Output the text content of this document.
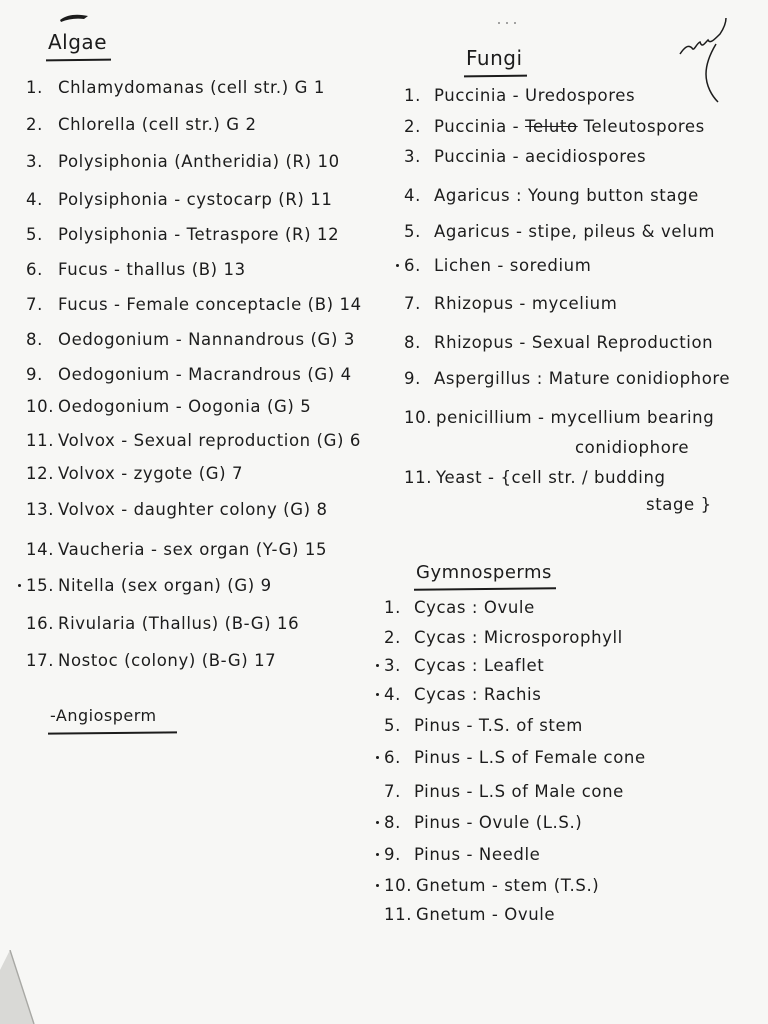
Algae
1. Chlamydomanas (cell str.) G 1
2. Chlorella (cell str.) G 2
3. Polysiphonia (Antheridia) (R) 10
4. Polysiphonia - cystocarp (R) 11
5. Polysiphonia - Tetraspore (R) 12
6. Fucus - thallus (B) 13
7. Fucus - Female conceptacle (B) 14
8. Oedogonium - Nannandrous (G) 3
9. Oedogonium - Macrandrous (G) 4
10. Oedogonium - Oogonia (G) 5
11. Volvox - Sexual reproduction (G) 6
12. Volvox - zygote (G) 7
13. Volvox - daughter colony (G) 8
14. Vaucheria - sex organ (Y-G) 15
15. Nitella (sex organ) (G) 9
16. Rivularia (Thallus) (B-G) 16
17. Nostoc (colony) (B-G) 17
-Angiosperm
Fungi
1. Puccinia - Uredospores
2. Puccinia - Teluto Teleutospores
3. Puccinia - aecidiospores
4. Agaricus : Young button stage
5. Agaricus - stipe, pileus & velum
6. Lichen - soredium
7. Rhizopus - mycelium
8. Rhizopus - Sexual Reproduction
9. Aspergillus : Mature conidiophore
10. penicillium - mycellium bearing
conidiophore
11. Yeast - {cell str. / budding
stage }
Gymnosperms
1. Cycas : Ovule
2. Cycas : Microsporophyll
3. Cycas : Leaflet
4. Cycas : Rachis
5. Pinus - T.S. of stem
6. Pinus - L.S of Female cone
7. Pinus - L.S of Male cone
8. Pinus - Ovule (L.S.)
9. Pinus - Needle
10. Gnetum - stem (T.S.)
11. Gnetum - Ovule
